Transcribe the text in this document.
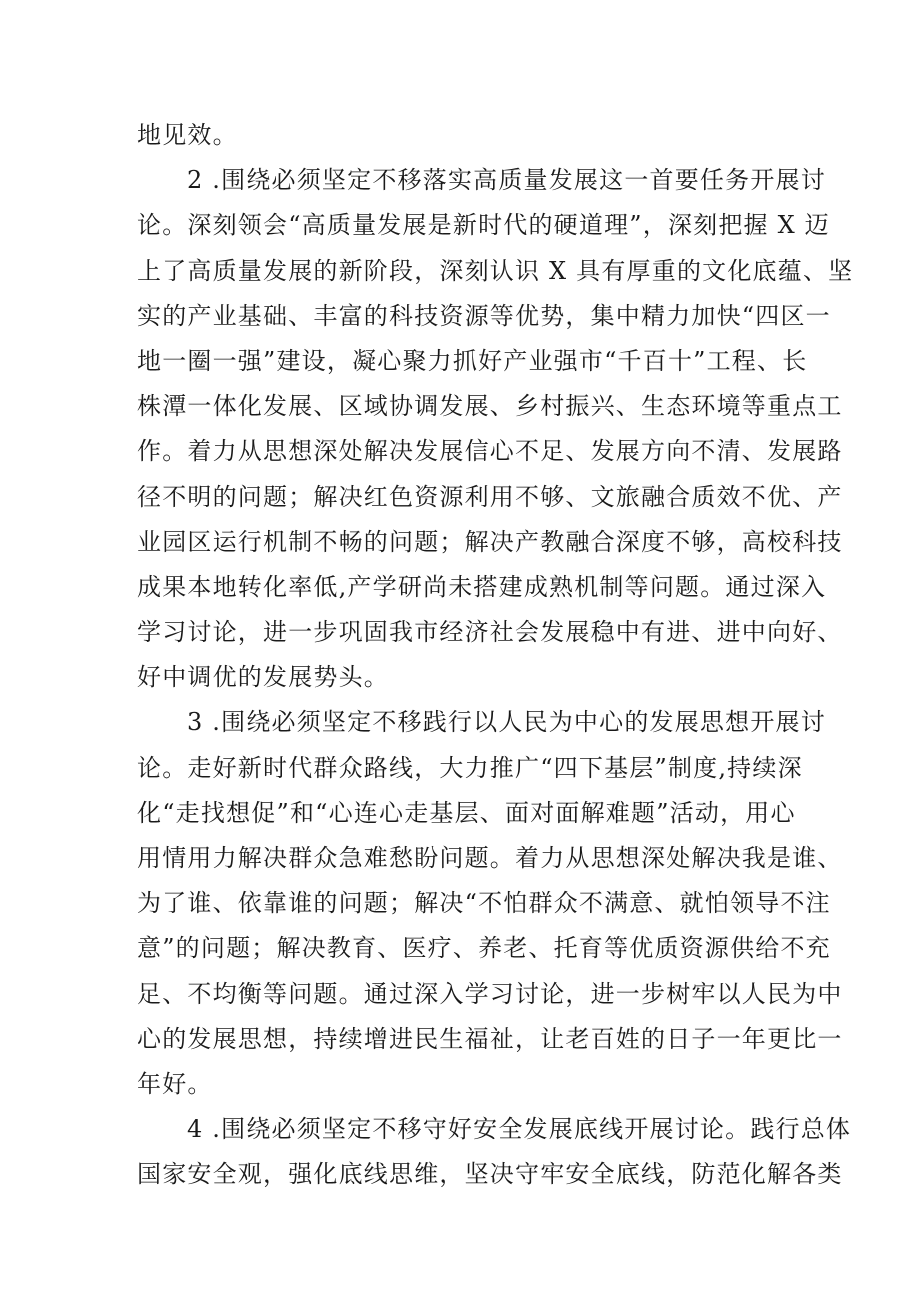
地见效。
2 .围绕必须坚定不移落实高质量发展这一首要任务开展讨
论。深刻领会“高质量发展是新时代的硬道理”，深刻把握 X 迈
上了高质量发展的新阶段，深刻认识 X 具有厚重的文化底蕴、坚
实的产业基础、丰富的科技资源等优势，集中精力加快“四区一
地一圈一强”建设，凝心聚力抓好产业强市“千百十”工程、长
株潭一体化发展、区域协调发展、乡村振兴、生态环境等重点工
作。着力从思想深处解决发展信心不足、发展方向不清、发展路
径不明的问题；解决红色资源利用不够、文旅融合质效不优、产
业园区运行机制不畅的问题；解决产教融合深度不够，高校科技
成果本地转化率低,产学研尚未搭建成熟机制等问题。通过深入
学习讨论，进一步巩固我市经济社会发展稳中有进、进中向好、
好中调优的发展势头。
3 .围绕必须坚定不移践行以人民为中心的发展思想开展讨
论。走好新时代群众路线，大力推广“四下基层”制度,持续深
化“走找想促”和“心连心走基层、面对面解难题”活动，用心
用情用力解决群众急难愁盼问题。着力从思想深处解决我是谁、
为了谁、依靠谁的问题；解决“不怕群众不满意、就怕领导不注
意”的问题；解决教育、医疗、养老、托育等优质资源供给不充
足、不均衡等问题。通过深入学习讨论，进一步树牢以人民为中
心的发展思想，持续增进民生福祉，让老百姓的日子一年更比一
年好。
4 .围绕必须坚定不移守好安全发展底线开展讨论。践行总体
国家安全观，强化底线思维，坚决守牢安全底线，防范化解各类
